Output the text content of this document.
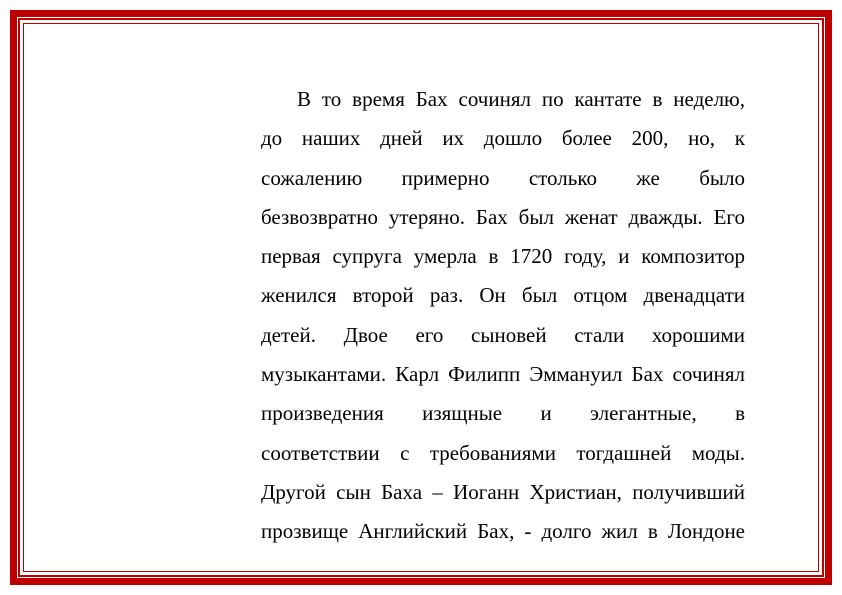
В то время Бах сочинял по кантате в неделю,
до наших дней их дошло более 200, но, к
сожалению примерно столько же было
безвозвратно утеряно. Бах был женат дважды. Его
первая супруга умерла в 1720 году, и композитор
женился второй раз. Он был отцом двенадцати
детей. Двое его сыновей стали хорошими
музыкантами. Карл Филипп Эммануил Бах сочинял
произведения изящные и элегантные, в
соответствии с требованиями тогдашней моды.
Другой сын Баха – Иоганн Христиан, получивший
прозвище Английский Бах, - долго жил в Лондоне
